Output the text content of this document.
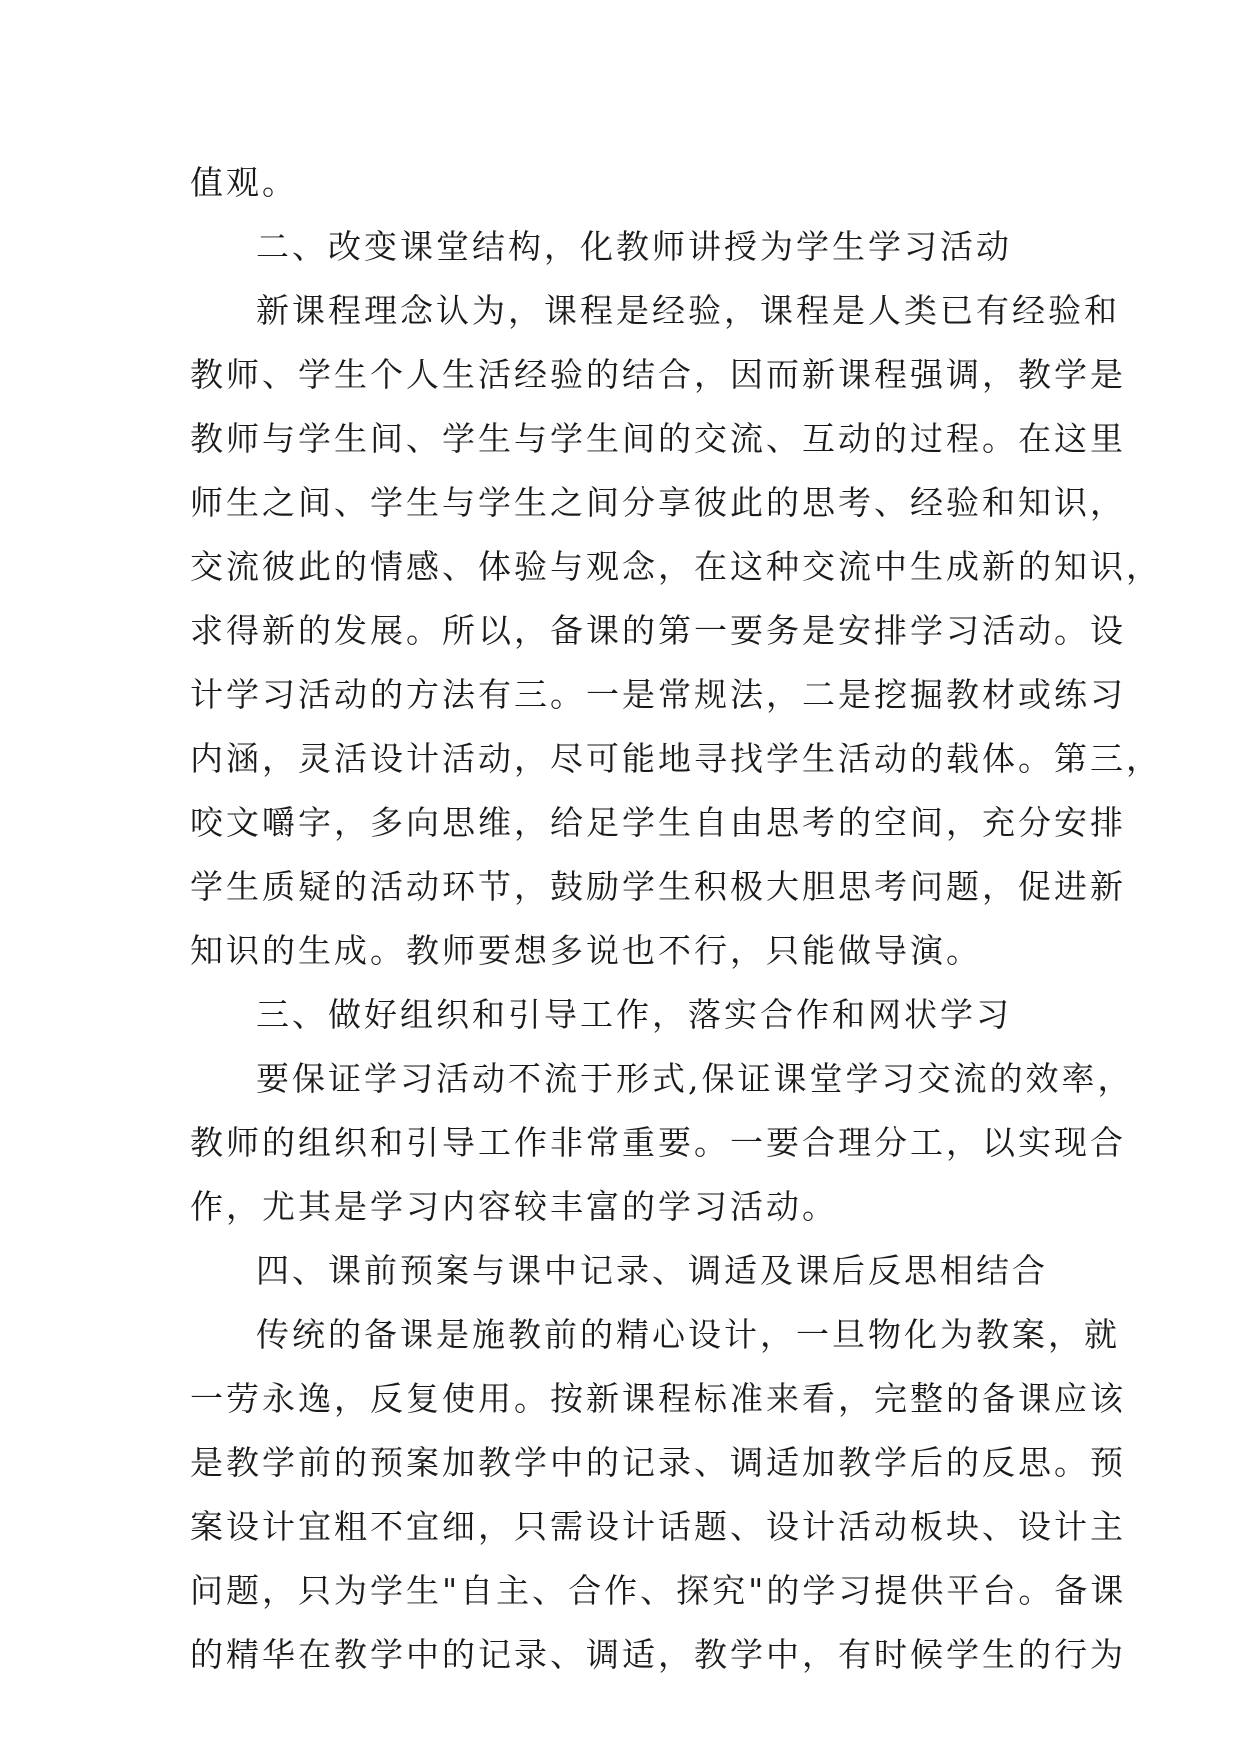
值观。
二、改变课堂结构，化教师讲授为学生学习活动
新课程理念认为，课程是经验，课程是人类已有经验和
教师、学生个人生活经验的结合，因而新课程强调，教学是
教师与学生间、学生与学生间的交流、互动的过程。在这里
师生之间、学生与学生之间分享彼此的思考、经验和知识，
交流彼此的情感、体验与观念，在这种交流中生成新的知识，
求得新的发展。所以，备课的第一要务是安排学习活动。设
计学习活动的方法有三。一是常规法，二是挖掘教材或练习
内涵，灵活设计活动，尽可能地寻找学生活动的载体。第三，
咬文嚼字，多向思维，给足学生自由思考的空间，充分安排
学生质疑的活动环节，鼓励学生积极大胆思考问题，促进新
知识的生成。教师要想多说也不行，只能做导演。
三、做好组织和引导工作，落实合作和网状学习
要保证学习活动不流于形式,保证课堂学习交流的效率，
教师的组织和引导工作非常重要。一要合理分工，以实现合
作，尤其是学习内容较丰富的学习活动。
四、课前预案与课中记录、调适及课后反思相结合
传统的备课是施教前的精心设计，一旦物化为教案，就
一劳永逸，反复使用。按新课程标准来看，完整的备课应该
是教学前的预案加教学中的记录、调适加教学后的反思。预
案设计宜粗不宜细，只需设计话题、设计活动板块、设计主
问题，只为学生"自主、合作、探究"的学习提供平台。备课
的精华在教学中的记录、调适，教学中，有时候学生的行为
